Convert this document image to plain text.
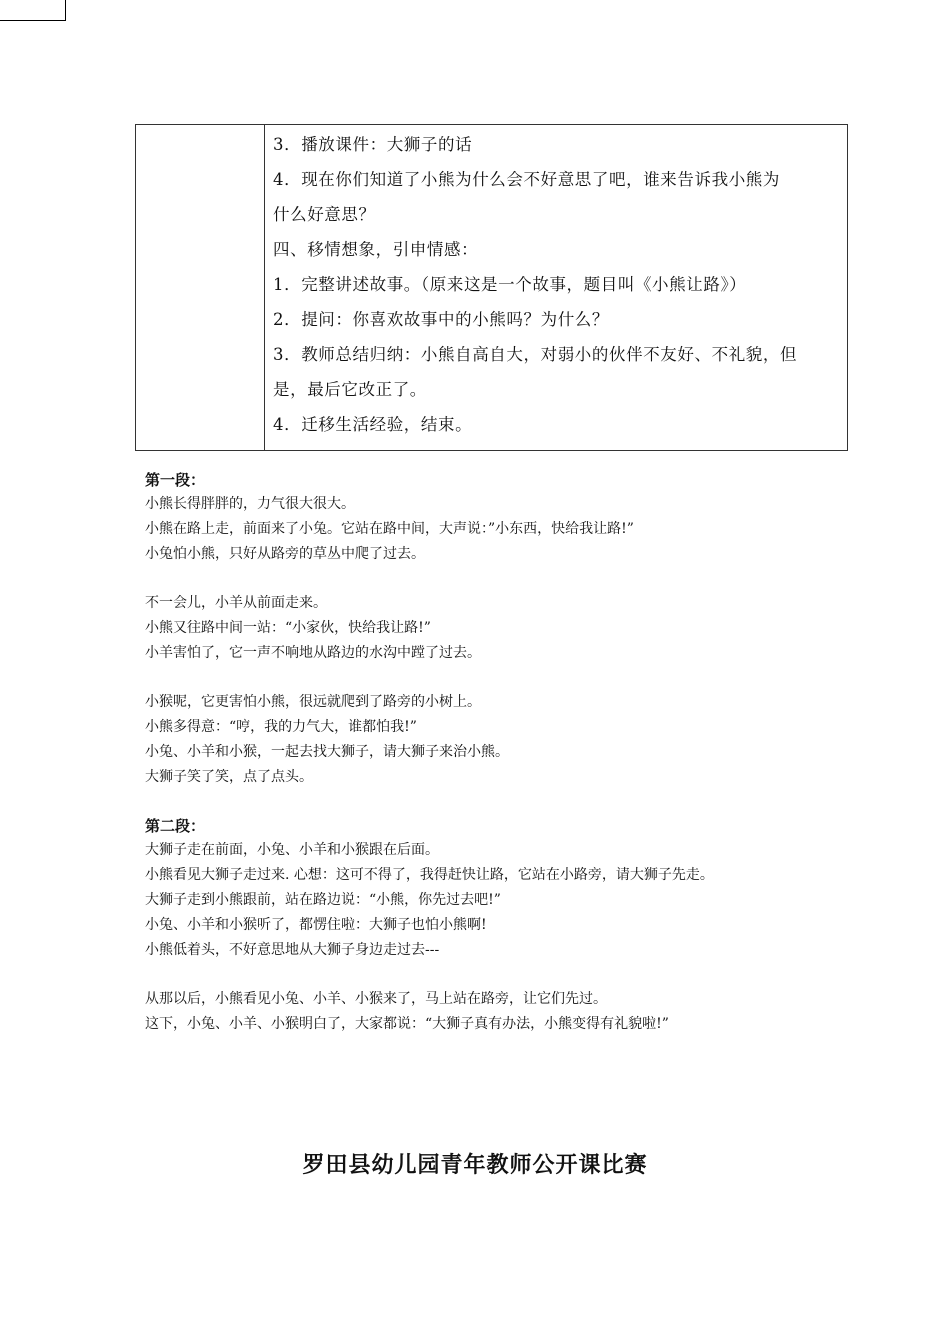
3．播放课件：大狮子的话
4．现在你们知道了小熊为什么会不好意思了吧，谁来告诉我小熊为
什么好意思？
四、移情想象，引申情感：
1．完整讲述故事。（原来这是一个故事，题目叫《小熊让路》）
2．提问：你喜欢故事中的小熊吗？为什么？
3．教师总结归纳：小熊自高自大，对弱小的伙伴不友好、不礼貌，但
是，最后它改正了。
4．迁移生活经验，结束。
第一段：
小熊长得胖胖的，力气很大很大。
小熊在路上走，前面来了小兔。它站在路中间，大声说：”小东西，快给我让路!”
小兔怕小熊，只好从路旁的草丛中爬了过去。
不一会儿，小羊从前面走来。
小熊又往路中间一站：“小家伙，快给我让路!”
小羊害怕了，它一声不响地从路边的水沟中蹚了过去。
小猴呢，它更害怕小熊，很远就爬到了路旁的小树上。
小熊多得意：“哼，我的力气大，谁都怕我!”
小兔、小羊和小猴，一起去找大狮子，请大狮子来治小熊。
大狮子笑了笑，点了点头。
第二段：
大狮子走在前面，小兔、小羊和小猴跟在后面。
小熊看见大狮子走过来. 心想：这可不得了，我得赶快让路，它站在小路旁，请大狮子先走。
大狮子走到小熊跟前，站在路边说：“小熊，你先过去吧!”
小兔、小羊和小猴听了，都愣住啦：大狮子也怕小熊啊!
小熊低着头，不好意思地从大狮子身边走过去---
从那以后，小熊看见小兔、小羊、小猴来了，马上站在路旁，让它们先过。
这下，小兔、小羊、小猴明白了，大家都说：“大狮子真有办法，小熊变得有礼貌啦!”
罗田县幼儿园青年教师公开课比赛
